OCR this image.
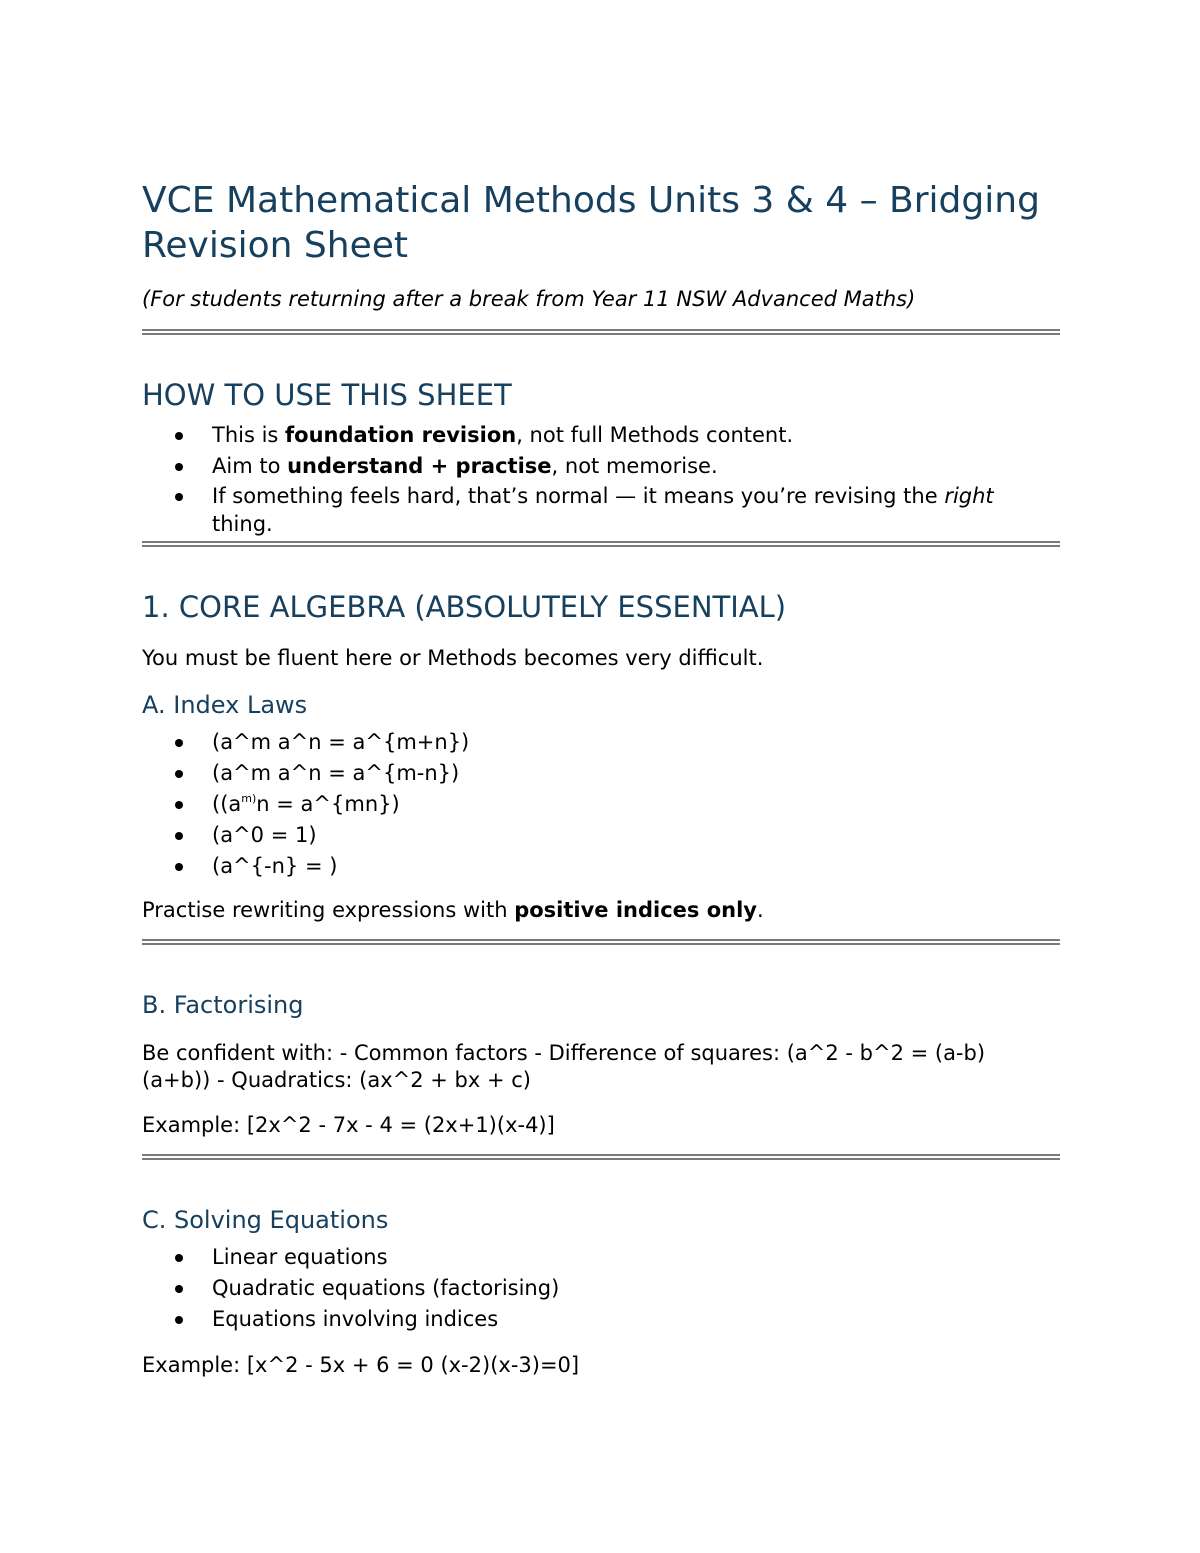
VCE Mathematical Methods Units 3 & 4 – Bridging Revision Sheet

(For students returning after a break from Year 11 NSW Advanced Maths)

HOW TO USE THIS SHEET
This is foundation revision, not full Methods content.
Aim to understand + practise, not memorise.
If something feels hard, that’s normal — it means you’re revising the right thing.
1. CORE ALGEBRA (ABSOLUTELY ESSENTIAL)

You must be fluent here or Methods becomes very difficult.

A. Index Laws
(a^m a^n = a^{m+n})
(a^m a^n = a^{m-n})
(($a^{m)}n$ = a^{mn})
(a^0 = 1)
(a^{-n} = )

Practise rewriting expressions with positive indices only.

B. Factorising

Be confident with: - Common factors - Difference of squares: (a^2 - b^2 = (a-b)(a+b)) - Quadratics: (ax^2 + bx + c)

Example: [2x^2 - 7x - 4 = (2x+1)(x-4)]

C. Solving Equations
Linear equations
Quadratic equations (factorising)
Equations involving indices

Example: [x^2 - 5x + 6 = 0 (x-2)(x-3)=0]
